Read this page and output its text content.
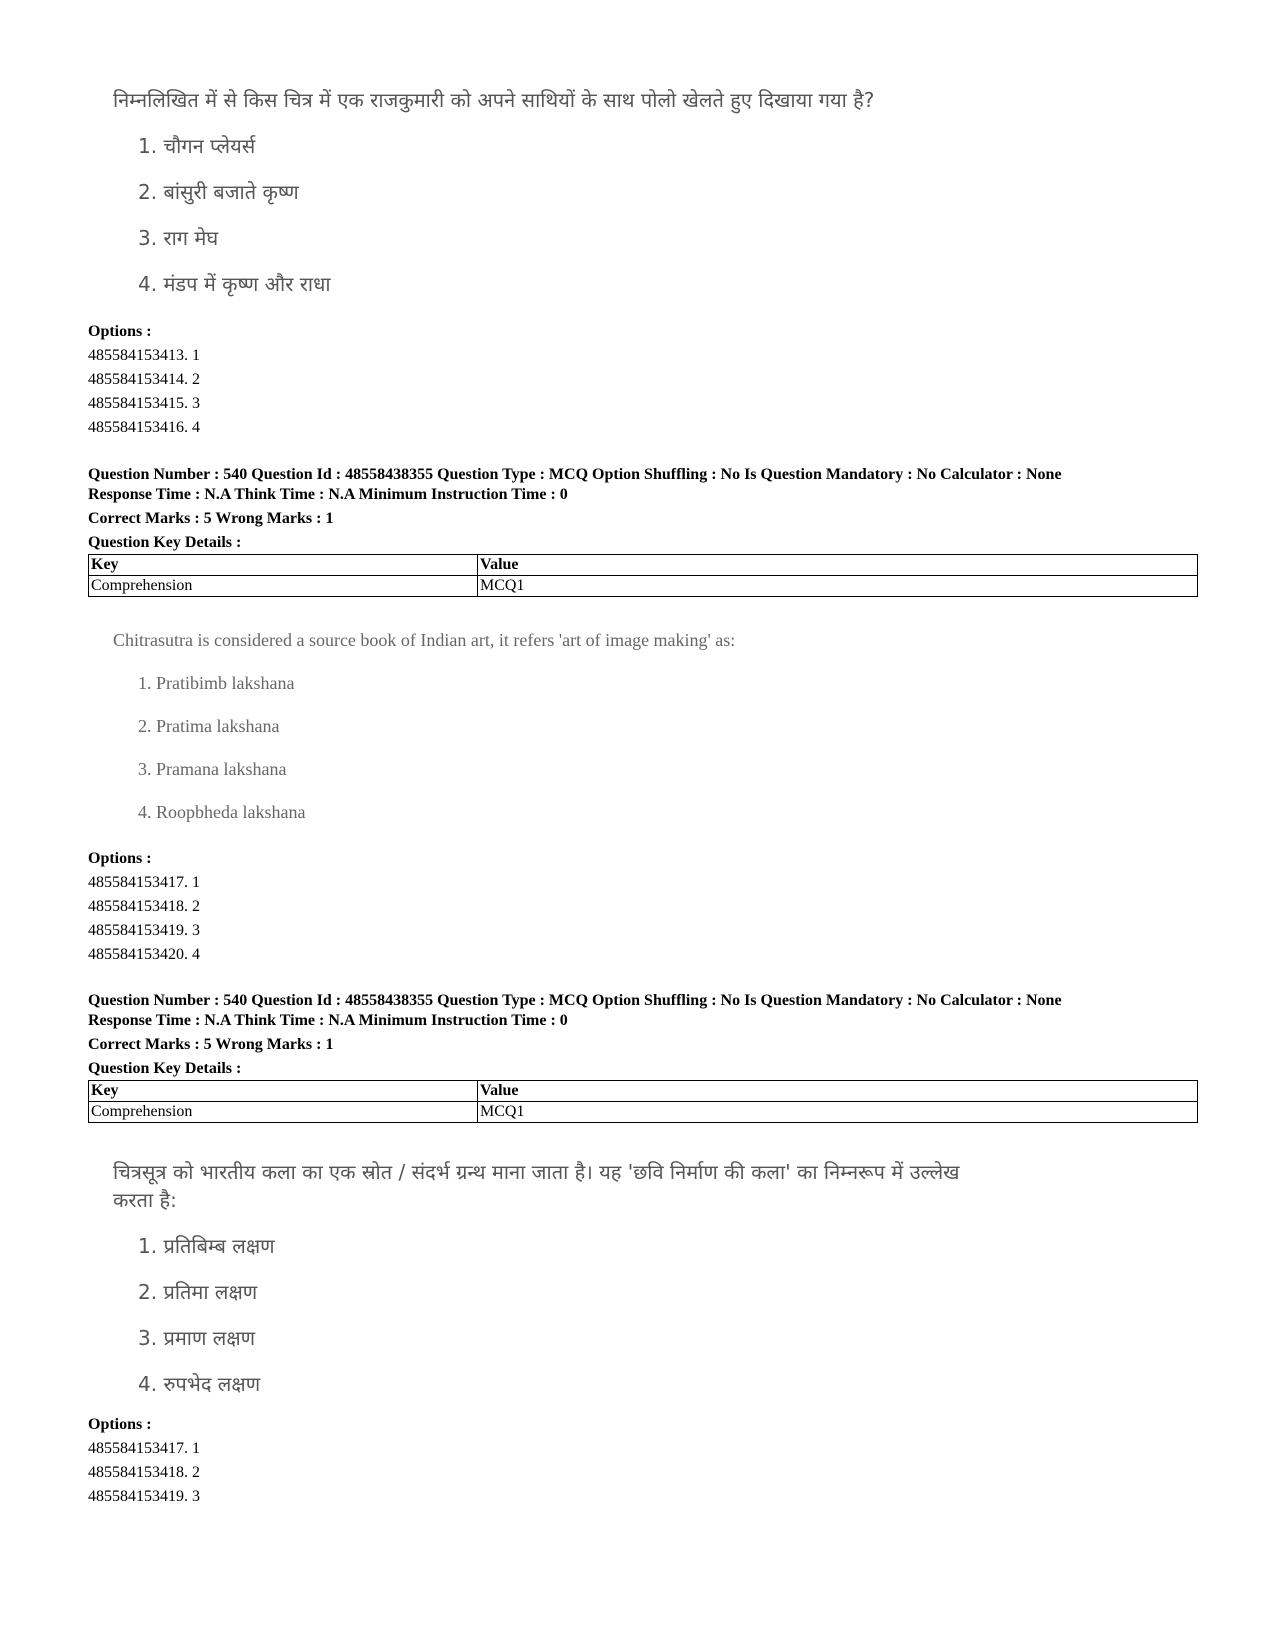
निम्नलिखित में से किस चित्र में एक राजकुमारी को अपने साथियों के साथ पोलो खेलते हुए दिखाया गया है?
1. चौगन प्लेयर्स
2. बांसुरी बजाते कृष्ण
3. राग मेघ
4. मंडप में कृष्ण और राधा
Options :
485584153413. 1
485584153414. 2
485584153415. 3
485584153416. 4
Question Number : 540 Question Id : 48558438355 Question Type : MCQ Option Shuffling : No Is Question Mandatory : No Calculator : None
Response Time : N.A Think Time : N.A Minimum Instruction Time : 0
Correct Marks : 5 Wrong Marks : 1
Question Key Details :
Key	Value
Comprehension	MCQ1
Chitrasutra is considered a source book of Indian art, it refers 'art of image making' as:
1. Pratibimb lakshana
2. Pratima lakshana
3. Pramana lakshana
4. Roopbheda lakshana
Options :
485584153417. 1
485584153418. 2
485584153419. 3
485584153420. 4
Question Number : 540 Question Id : 48558438355 Question Type : MCQ Option Shuffling : No Is Question Mandatory : No Calculator : None
Response Time : N.A Think Time : N.A Minimum Instruction Time : 0
Correct Marks : 5 Wrong Marks : 1
Question Key Details :
Key	Value
Comprehension	MCQ1
चित्रसूत्र को भारतीय कला का एक स्रोत / संदर्भ ग्रन्थ माना जाता है। यह 'छवि निर्माण की कला' का निम्नरूप में उल्लेख
करता है:
1. प्रतिबिम्ब लक्षण
2. प्रतिमा लक्षण
3. प्रमाण लक्षण
4. रुपभेद लक्षण
Options :
485584153417. 1
485584153418. 2
485584153419. 3
